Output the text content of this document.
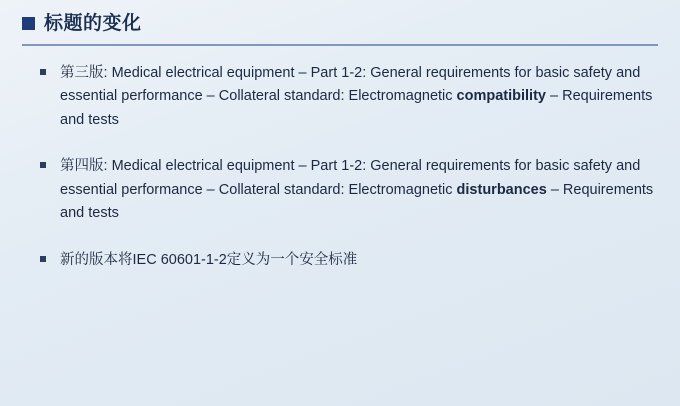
标题的变化
第三版: Medical electrical equipment – Part 1-2: General requirements for basic safety and essential performance – Collateral standard: Electromagnetic compatibility – Requirements and tests
第四版: Medical electrical equipment – Part 1-2: General requirements for basic safety and essential performance – Collateral standard: Electromagnetic disturbances – Requirements and tests
新的版本将IEC 60601-1-2定义为一个安全标准
